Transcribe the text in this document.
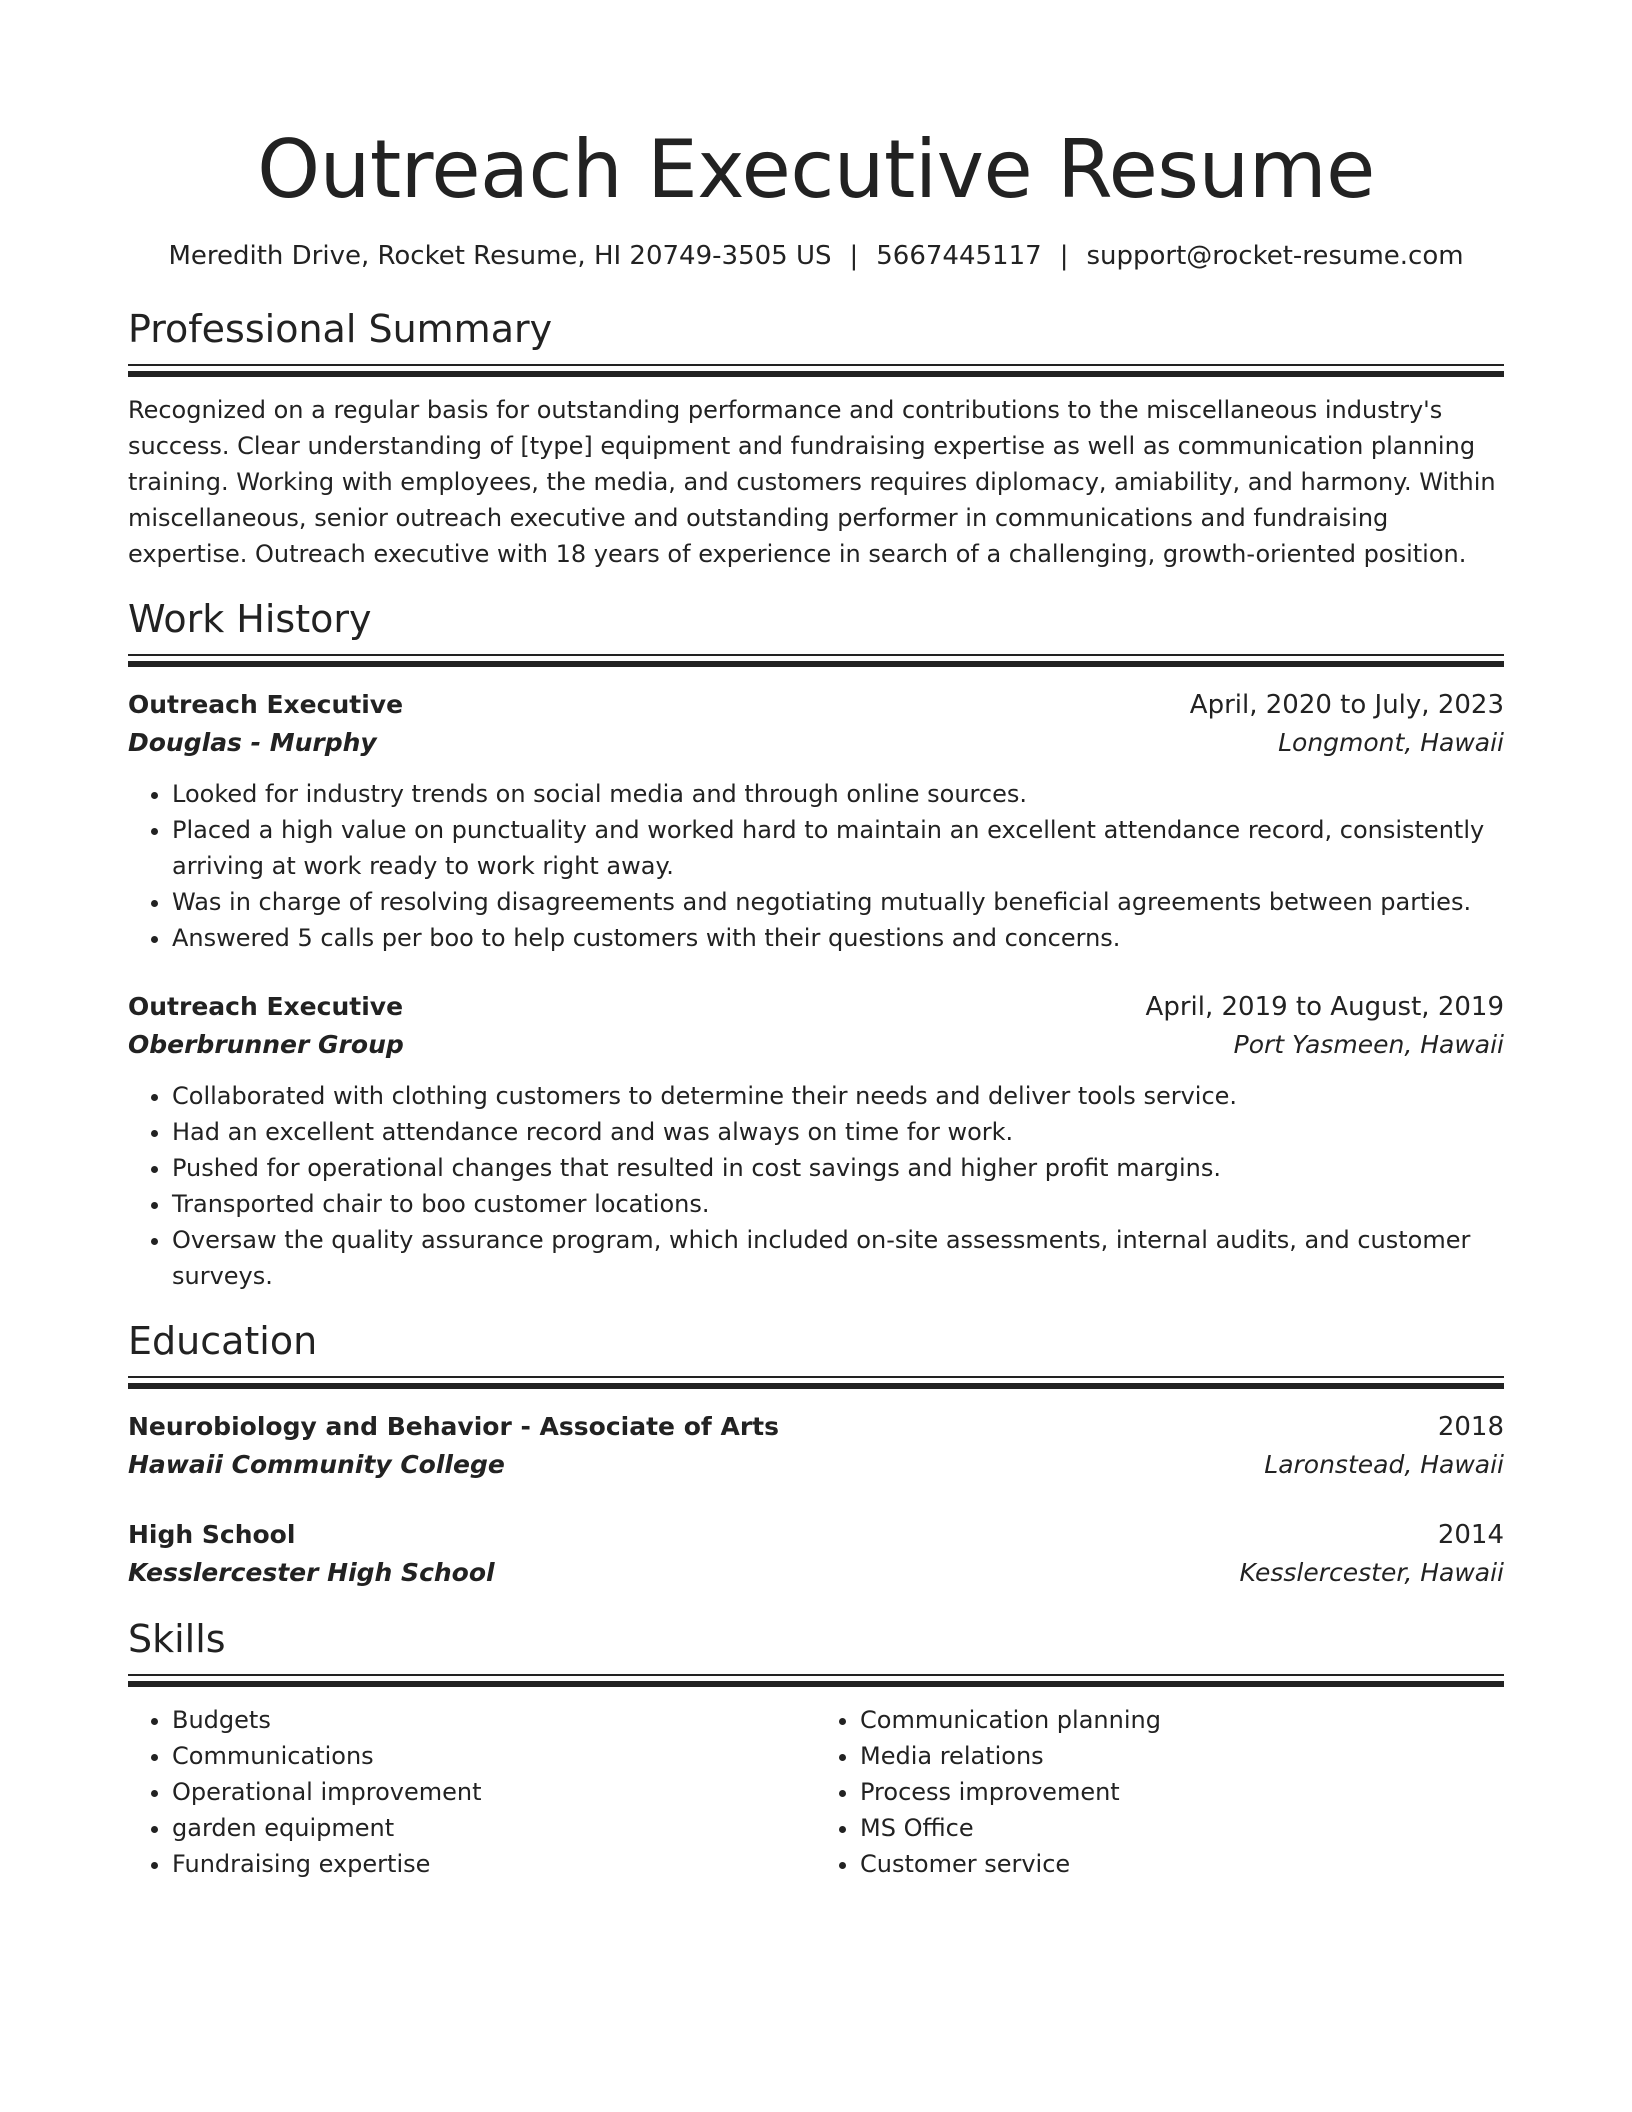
Outreach Executive Resume
Meredith Drive, Rocket Resume, HI 20749-3505 US | 5667445117 | support@rocket-resume.com
Professional Summary

Recognized on a regular basis for outstanding performance and contributions to the miscellaneous industry's success. Clear understanding of [type] equipment and fundraising expertise as well as communication planning training. Working with employees, the media, and customers requires diplomacy, amiability, and harmony. Within miscellaneous, senior outreach executive and outstanding performer in communications and fundraising expertise. Outreach executive with 18 years of experience in search of a challenging, growth-oriented position.

Work History
Outreach Executive	April, 2020 to July, 2023
Douglas - Murphy	Longmont, Hawaii
• Looked for industry trends on social media and through online sources.
• Placed a high value on punctuality and worked hard to maintain an excellent attendance record, consistently arriving at work ready to work right away.
• Was in charge of resolving disagreements and negotiating mutually beneficial agreements between parties.
• Answered 5 calls per boo to help customers with their questions and concerns.
Outreach Executive	April, 2019 to August, 2019
Oberbrunner Group	Port Yasmeen, Hawaii
• Collaborated with clothing customers to determine their needs and deliver tools service.
• Had an excellent attendance record and was always on time for work.
• Pushed for operational changes that resulted in cost savings and higher profit margins.
• Transported chair to boo customer locations.
• Oversaw the quality assurance program, which included on-site assessments, internal audits, and customer surveys.
Education
Neurobiology and Behavior - Associate of Arts	2018
Hawaii Community College	Laronstead, Hawaii
High School	2014
Kesslercester High School	Kesslercester, Hawaii
Skills
• Budgets
• Communications
• Operational improvement
• garden equipment
• Fundraising expertise
• Communication planning
• Media relations
• Process improvement
• MS Office
• Customer service
